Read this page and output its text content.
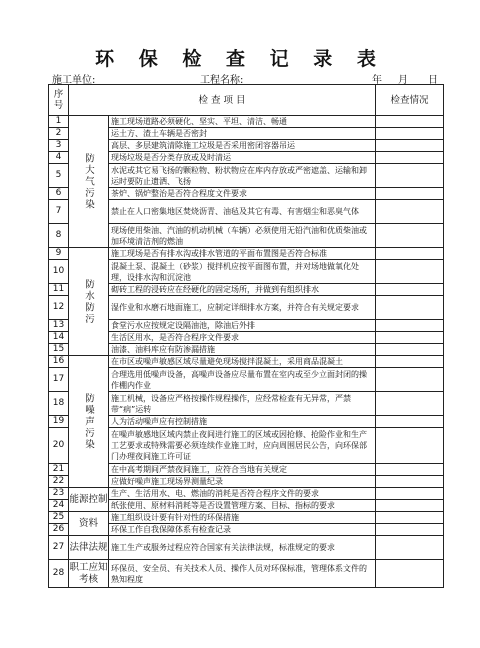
环 保 检 查 记 录 表
施工单位:	工程名称:	年 月 日
序号	检 查 项 目		检查情况
1	防大气污染	施工现场道路必须硬化、坚实、平坦、清洁、畅通	
2		运土方、渣土车辆是否密封	
3		高层、多层建筑清除施工垃圾是否采用密闭容器吊运	
4		现场垃圾是否分类存放或及时清运	
5		水泥或其它易飞扬的颗粒物、粉状物应在库内存放或严密遮盖、运输和卸运时要防止遗洒、飞扬	
6		茶炉、锅炉整治是否符合程度文件要求	
7		禁止在人口密集地区焚烧沥青、油毡及其它有毒、有害烟尘和恶臭气体	
8		现场使用柴油、汽油的机动机械（车辆）必须使用无铅汽油和优质柴油或加环境清洁剂的燃油	
9	防水防污	施工现场是否有排水沟或排水管道的平面布置图是否符合标准	
10		混凝土泵、混凝土（砂浆）搅拌机应按平面图布置，并对场地做氧化处理，设排水沟和沉淀池	
11		砌砖工程的浸砖应在经硬化的固定场所，并做到有组织排水	
12		湿作业和水磨石地面施工，应制定详细排水方案，并符合有关规定要求	
13		食堂污水应按规定设隔油池，除油后外排	
14		生活区用水，是否符合程序文件要求	
15		油漆、油料库应有防渗漏措施	
16	防噪声污染	在市区或噪声敏感区域尽量避免现场搅拌混凝土，采用商品混凝土	
17		合理选用低噪声设备，高噪声设备应尽量布置在室内或至少立面封闭的操作棚内作业	
18		施工机械，设备应严格按操作规程操作，应经常检查有无异常，严禁带“病”运转	
19		人为活动噪声应有控制措施	
20		在噪声敏感地区域内禁止夜间进行施工的区域或因抢修、抢险作业和生产工艺要求或特殊需要必须连续作业施工时，应向周围居民公告，向环保部门办理夜间施工许可证	
21		在中高考期间严禁夜间施工，应符合当地有关规定	
22		应做好噪声施工现场界测量纪录	
23	能源控制	生产、生活用水、电、燃油的消耗是否符合程序文件的要求	
24		纸张使用、原材料消耗等是否设置管理方案、目标、指标的要求	
25	资料	施工组织设计要有针对性的环保措施	
26		环保工作自我保障体系有检查记录	
27	法律法规	施工生产或服务过程应符合国家有关法律法规，标准规定的要求	
28	职工应知考核	环保员、安全员、有关技术人员、操作人员对环保标准，管理体系文件的熟知程度	
